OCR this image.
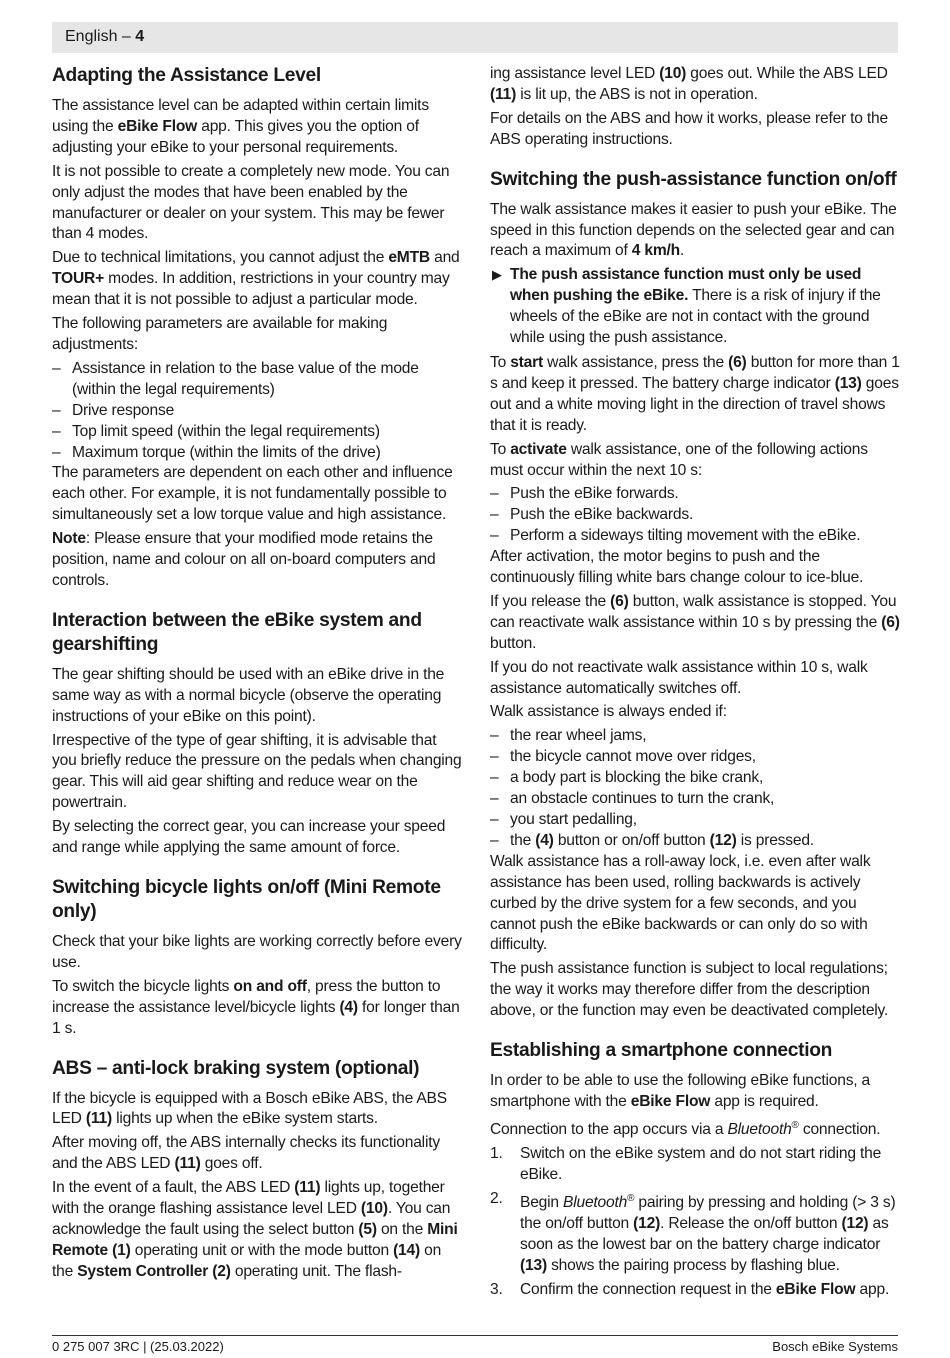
English – 4
Adapting the Assistance Level

The assistance level can be adapted within certain limits using the eBike Flow app. This gives you the option of adjusting your eBike to your personal requirements.

It is not possible to create a completely new mode. You can only adjust the modes that have been enabled by the manufacturer or dealer on your system. This may be fewer than 4 modes.

Due to technical limitations, you cannot adjust the eMTB and TOUR+ modes. In addition, restrictions in your country may mean that it is not possible to adjust a particular mode.

The following parameters are available for making adjustments:

– Assistance in relation to the base value of the mode (within the legal requirements)
– Drive response
– Top limit speed (within the legal requirements)
– Maximum torque (within the limits of the drive)

The parameters are dependent on each other and influence each other. For example, it is not fundamentally possible to simultaneously set a low torque value and high assistance.

Note: Please ensure that your modified mode retains the position, name and colour on all on-board computers and controls.

Interaction between the eBike system and gearshifting

The gear shifting should be used with an eBike drive in the same way as with a normal bicycle (observe the operating instructions of your eBike on this point).

Irrespective of the type of gear shifting, it is advisable that you briefly reduce the pressure on the pedals when changing gear. This will aid gear shifting and reduce wear on the powertrain.

By selecting the correct gear, you can increase your speed and range while applying the same amount of force.

Switching bicycle lights on/off (Mini Remote only)

Check that your bike lights are working correctly before every use.

To switch the bicycle lights on and off, press the button to increase the assistance level/bicycle lights (4) for longer than 1 s.

ABS – anti-lock braking system (optional)

If the bicycle is equipped with a Bosch eBike ABS, the ABS LED (11) lights up when the eBike system starts.

After moving off, the ABS internally checks its functionality and the ABS LED (11) goes off.

In the event of a fault, the ABS LED (11) lights up, together with the orange flashing assistance level LED (10). You can acknowledge the fault using the select button (5) on the Mini Remote (1) operating unit or with the mode button (14) on the System Controller (2) operating unit. The flash-

ing assistance level LED (10) goes out. While the ABS LED (11) is lit up, the ABS is not in operation.

For details on the ABS and how it works, please refer to the ABS operating instructions.

Switching the push-assistance function on/off

The walk assistance makes it easier to push your eBike. The speed in this function depends on the selected gear and can reach a maximum of 4 km/h.

▶ The push assistance function must only be used when pushing the eBike. There is a risk of injury if the wheels of the eBike are not in contact with the ground while using the push assistance.

To start walk assistance, press the (6) button for more than 1 s and keep it pressed. The battery charge indicator (13) goes out and a white moving light in the direction of travel shows that it is ready.

To activate walk assistance, one of the following actions must occur within the next 10 s:

– Push the eBike forwards.
– Push the eBike backwards.
– Perform a sideways tilting movement with the eBike.

After activation, the motor begins to push and the continuously filling white bars change colour to ice-blue.

If you release the (6) button, walk assistance is stopped. You can reactivate walk assistance within 10 s by pressing the (6) button.

If you do not reactivate walk assistance within 10 s, walk assistance automatically switches off.

Walk assistance is always ended if:

– the rear wheel jams,
– the bicycle cannot move over ridges,
– a body part is blocking the bike crank,
– an obstacle continues to turn the crank,
– you start pedalling,
– the (4) button or on/off button (12) is pressed.

Walk assistance has a roll-away lock, i.e. even after walk assistance has been used, rolling backwards is actively curbed by the drive system for a few seconds, and you cannot push the eBike backwards or can only do so with difficulty.

The push assistance function is subject to local regulations; the way it works may therefore differ from the description above, or the function may even be deactivated completely.

Establishing a smartphone connection

In order to be able to use the following eBike functions, a smartphone with the eBike Flow app is required.

Connection to the app occurs via a Bluetooth® connection.

1. Switch on the eBike system and do not start riding the eBike.
2. Begin Bluetooth® pairing by pressing and holding (> 3 s) the on/off button (12). Release the on/off button (12) as soon as the lowest bar on the battery charge indicator (13) shows the pairing process by flashing blue.
3. Confirm the connection request in the eBike Flow app.
0 275 007 3RC | (25.03.2022)	Bosch eBike Systems
